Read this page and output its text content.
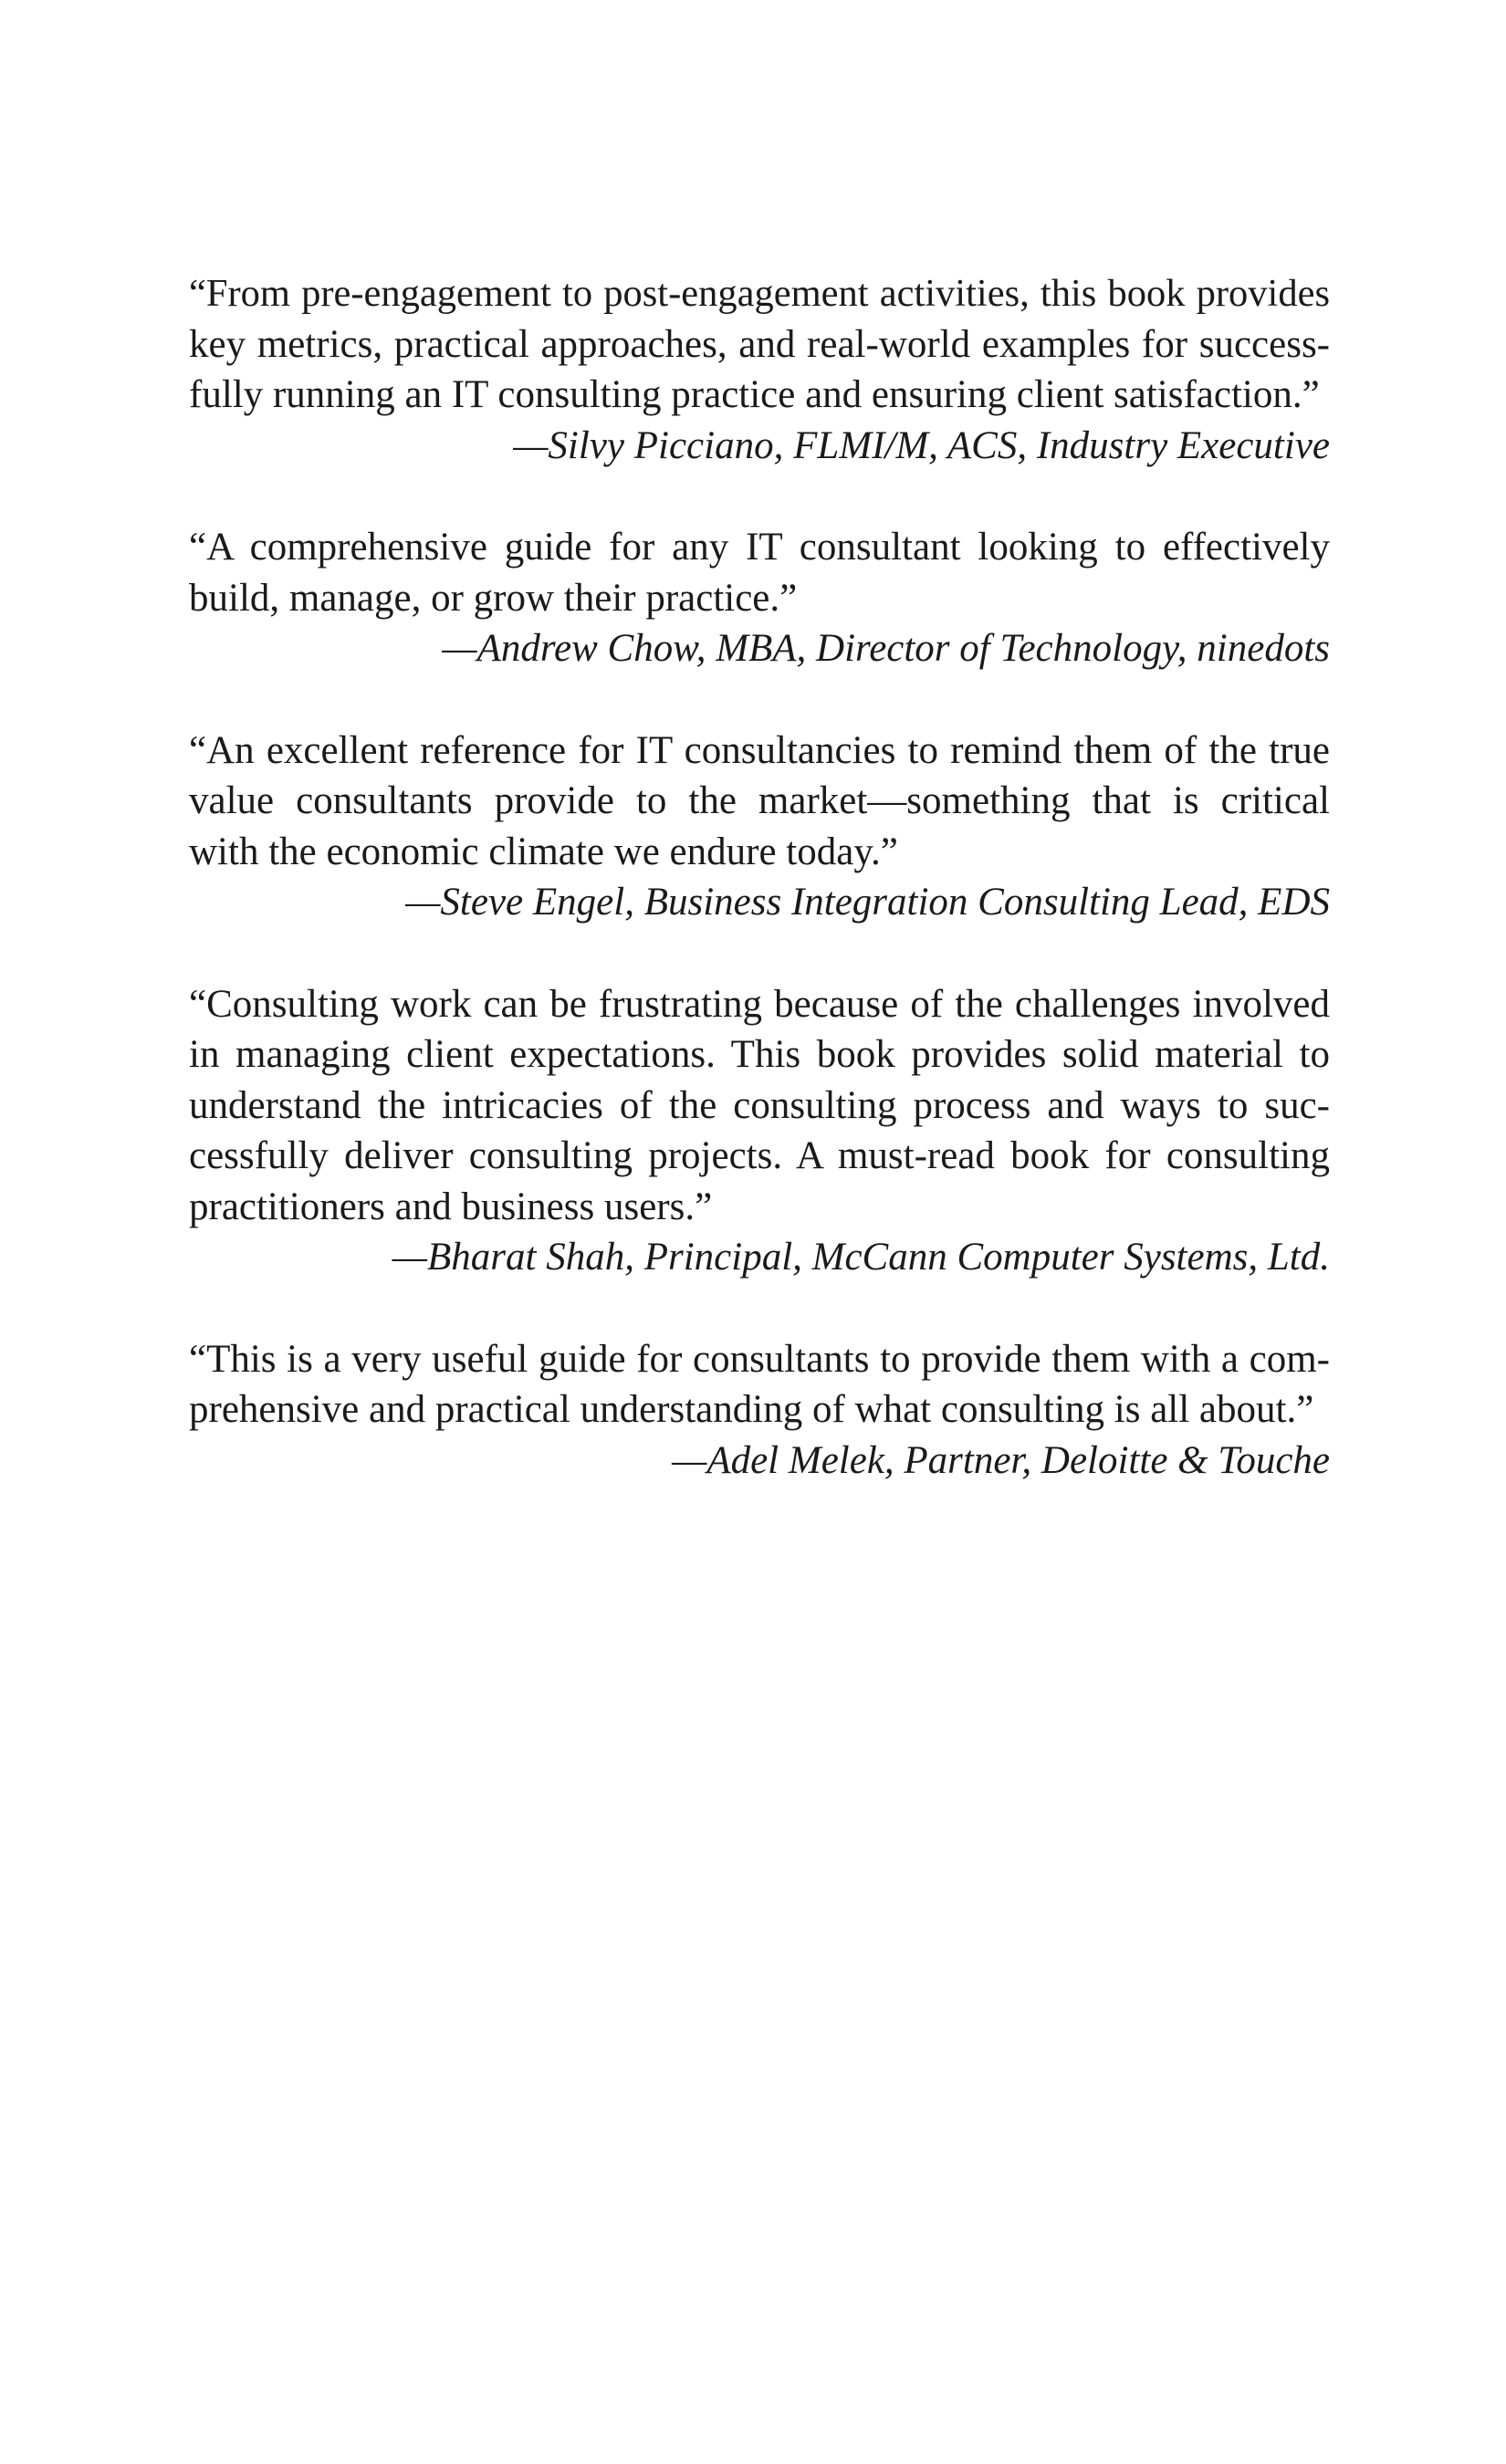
“From pre-engagement to post-engagement activities, this book provides
key metrics, practical approaches, and real-world examples for success-
fully running an IT consulting practice and ensuring client satisfaction.”

—Silvy Picciano, FLMI/M, ACS, Industry Executive

“A comprehensive guide for any IT consultant looking to effectively
build, manage, or grow their practice.”

—Andrew Chow, MBA, Director of Technology, ninedots

“An excellent reference for IT consultancies to remind them of the true
value consultants provide to the market—something that is critical
with the economic climate we endure today.”

—Steve Engel, Business Integration Consulting Lead, EDS

“Consulting work can be frustrating because of the challenges involved
in managing client expectations. This book provides solid material to
understand the intricacies of the consulting process and ways to suc-
cessfully deliver consulting projects. A must-read book for consulting
practitioners and business users.”

—Bharat Shah, Principal, McCann Computer Systems, Ltd.

“This is a very useful guide for consultants to provide them with a com-
prehensive and practical understanding of what consulting is all about.”

—Adel Melek, Partner, Deloitte & Touche
